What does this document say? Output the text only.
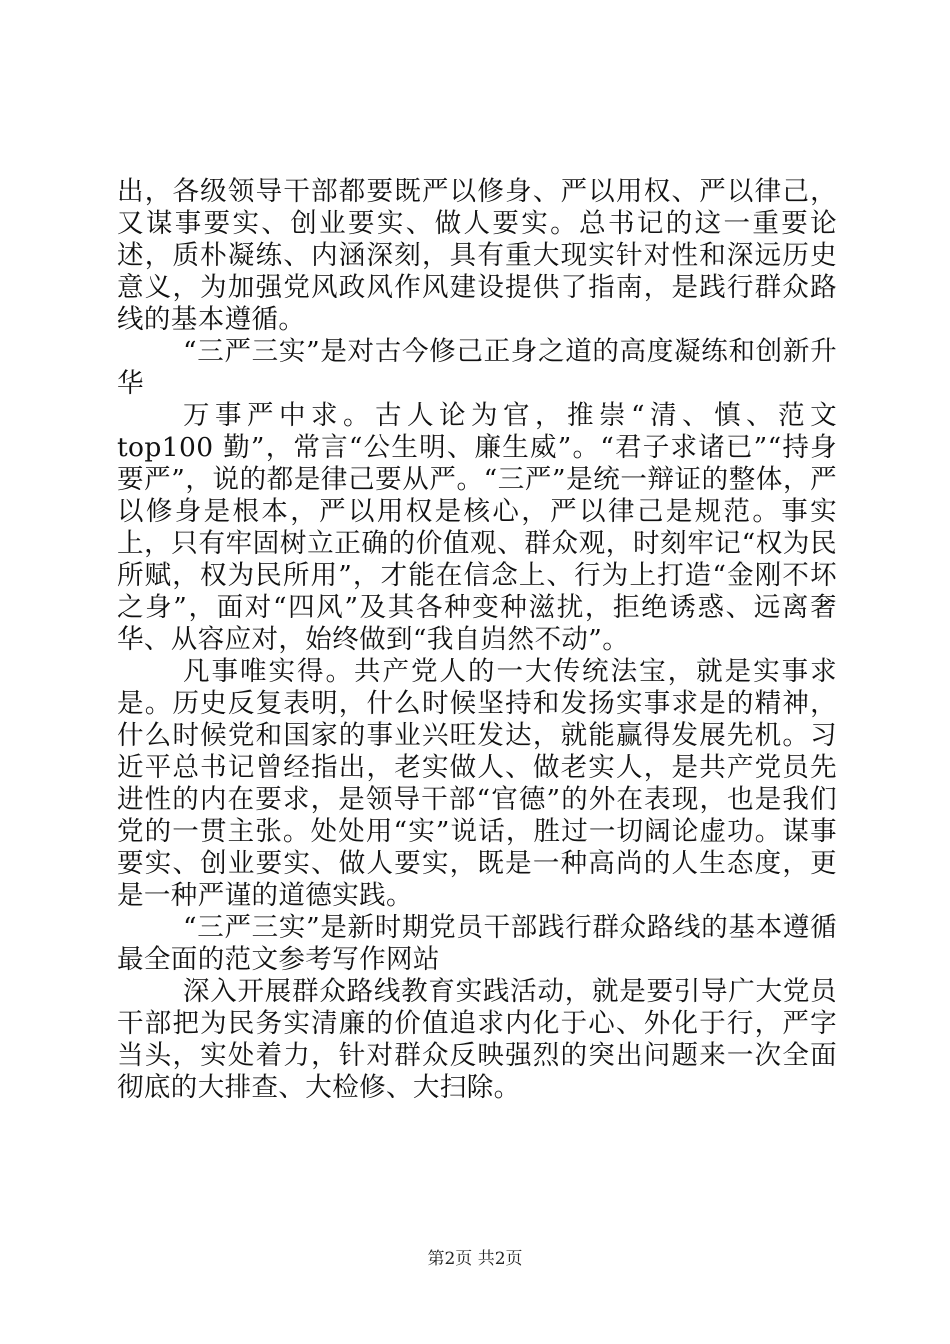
出，各级领导干部都要既严以修身、严以用权、严以律己，又谋事要实、创业要实、做人要实。总书记的这一重要论述，质朴凝练、内涵深刻，具有重大现实针对性和深远历史意义，为加强党风政风作风建设提供了指南，是践行群众路线的基本遵循。

“三严三实”是对古今修己正身之道的高度凝练和创新升华

万事严中求。古人论为官，推崇“清、慎、范文 top100 勤”，常言“公生明、廉生威”。“君子求诸已”“持身要严”，说的都是律己要从严。“三严”是统一辩证的整体，严以修身是根本，严以用权是核心，严以律己是规范。事实上，只有牢固树立正确的价值观、群众观，时刻牢记“权为民所赋，权为民所用”，才能在信念上、行为上打造“金刚不坏之身”，面对“四风”及其各种变种滋扰，拒绝诱惑、远离奢华、从容应对，始终做到“我自岿然不动”。

凡事唯实得。共产党人的一大传统法宝，就是实事求是。历史反复表明，什么时候坚持和发扬实事求是的精神，什么时候党和国家的事业兴旺发达，就能赢得发展先机。习近平总书记曾经指出，老实做人、做老实人，是共产党员先进性的内在要求，是领导干部“官德”的外在表现，也是我们党的一贯主张。处处用“实”说话，胜过一切阔论虚功。谋事要实、创业要实、做人要实，既是一种高尚的人生态度，更是一种严谨的道德实践。

“三严三实”是新时期党员干部践行群众路线的基本遵循最全面的范文参考写作网站

深入开展群众路线教育实践活动，就是要引导广大党员干部把为民务实清廉的价值追求内化于心、外化于行，严字当头，实处着力，针对群众反映强烈的突出问题来一次全面彻底的大排查、大检修、大扫除。

第2页 共2页
